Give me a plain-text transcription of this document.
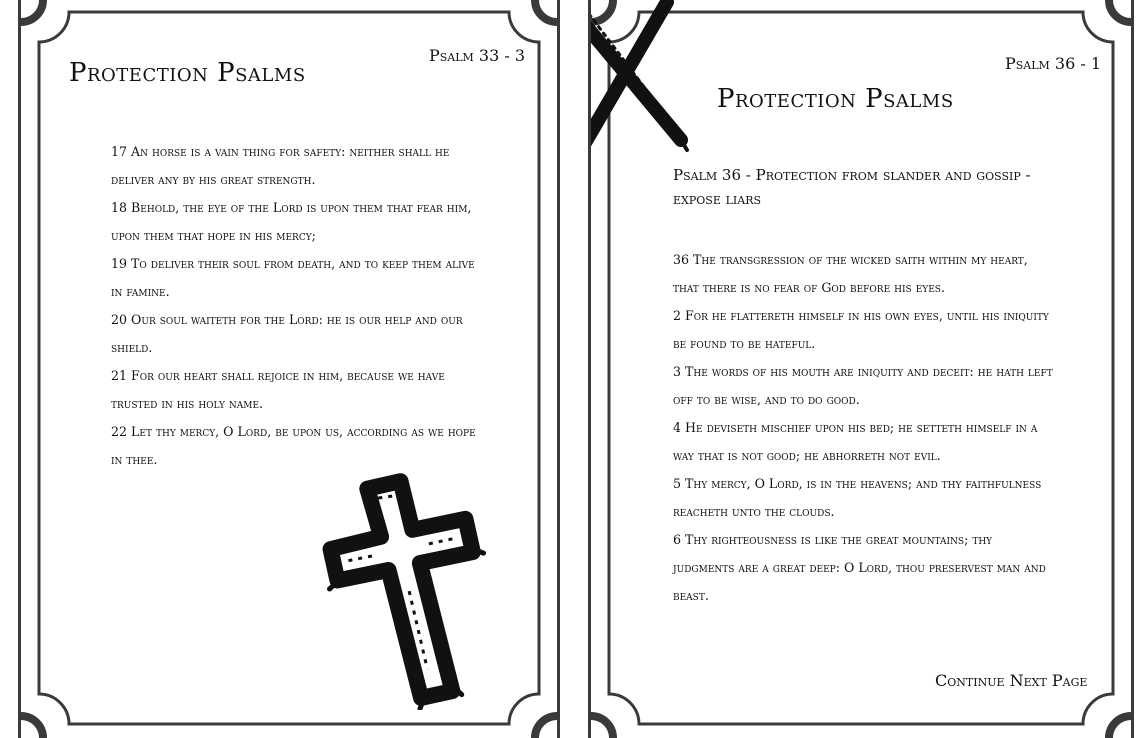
Protection Psalms
Psalm 33 - 3
17 An horse is a vain thing for safety: neither shall he
deliver any by his great strength.
18 Behold, the eye of the Lord is upon them that fear him,
upon them that hope in his mercy;
19 To deliver their soul from death, and to keep them alive
in famine.
20 Our soul waiteth for the Lord: he is our help and our
shield.
21 For our heart shall rejoice in him, because we have
trusted in his holy name.
22 Let thy mercy, O Lord, be upon us, according as we hope
in thee.
Psalm 36 - 1
Protection Psalms
Psalm 36 - Protection from slander and gossip -
expose liars
36 The transgression of the wicked saith within my heart,
that there is no fear of God before his eyes.
2 For he flattereth himself in his own eyes, until his iniquity
be found to be hateful.
3 The words of his mouth are iniquity and deceit: he hath left
off to be wise, and to do good.
4 He deviseth mischief upon his bed; he setteth himself in a
way that is not good; he abhorreth not evil.
5 Thy mercy, O Lord, is in the heavens; and thy faithfulness
reacheth unto the clouds.
6 Thy righteousness is like the great mountains; thy
judgments are a great deep: O Lord, thou preservest man and
beast.
Continue Next Page
